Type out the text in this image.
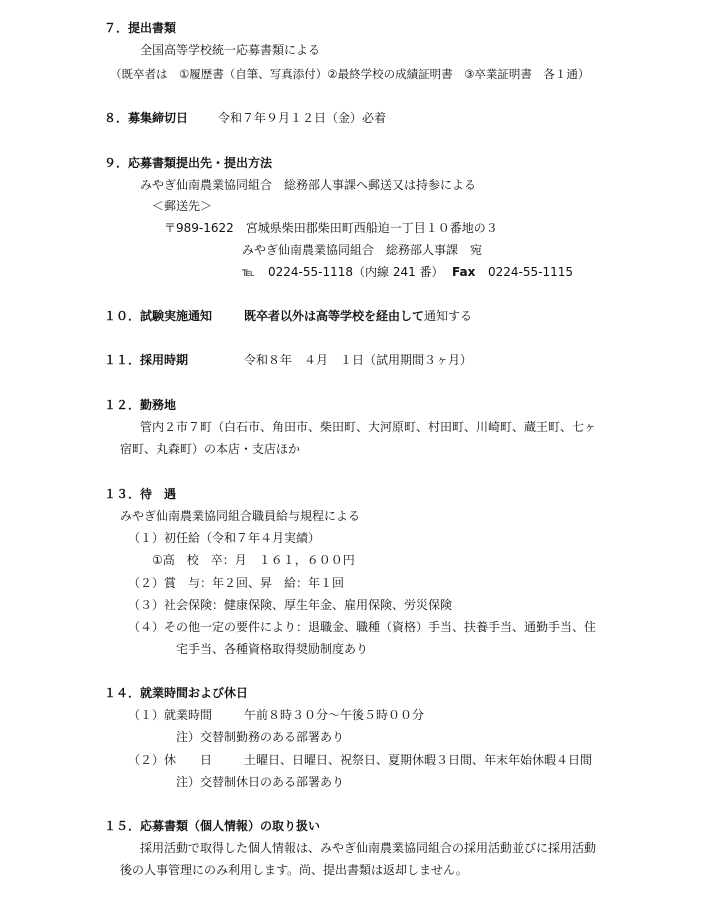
７．提出書類
全国高等学校統一応募書類による
（既卒者は　①履歴書（自筆、写真添付）②最終学校の成績証明書　③卒業証明書　各１通）
８．募集締切日 令和７年９月１２日（金）必着
９．応募書類提出先・提出方法
みやぎ仙南農業協同組合　総務部人事課へ郵送又は持参による
＜郵送先＞
〒989-1622　宮城県柴田郡柴田町西船迫一丁目１０番地の３
みやぎ仙南農業協同組合　総務部人事課　宛
℡ 0224-55-1118（内線 241 番） Fax 0224-55-1115
１０．試験実施通知	既卒者以外は高等学校を経由して通知する
１１．採用時期	令和８年　４月　１日（試用期間３ヶ月）
１２．勤務地
管内２市７町（白石市、角田市、柴田町、大河原町、村田町、川崎町、蔵王町、七ヶ
宿町、丸森町）の本店・支店ほか
１３．待　遇
みやぎ仙南農業協同組合職員給与規程による
（１）初任給（令和７年４月実績）
①高　校　卒：月　１６１，６００円
（２）賞　与：年２回、昇　給：年１回
（３）社会保険：健康保険、厚生年金、雇用保険、労災保険
（４）その他一定の要件により：退職金、職種（資格）手当、扶養手当、通勤手当、住
宅手当、各種資格取得奨励制度あり
１４．就業時間および休日
（１）就業時間	午前８時３０分～午後５時００分
注）交替制勤務のある部署あり
（２）休　　日	土曜日、日曜日、祝祭日、夏期休暇３日間、年末年始休暇４日間
注）交替制休日のある部署あり
１５．応募書類（個人情報）の取り扱い
採用活動で取得した個人情報は、みやぎ仙南農業協同組合の採用活動並びに採用活動
後の人事管理にのみ利用します。尚、提出書類は返却しません。
